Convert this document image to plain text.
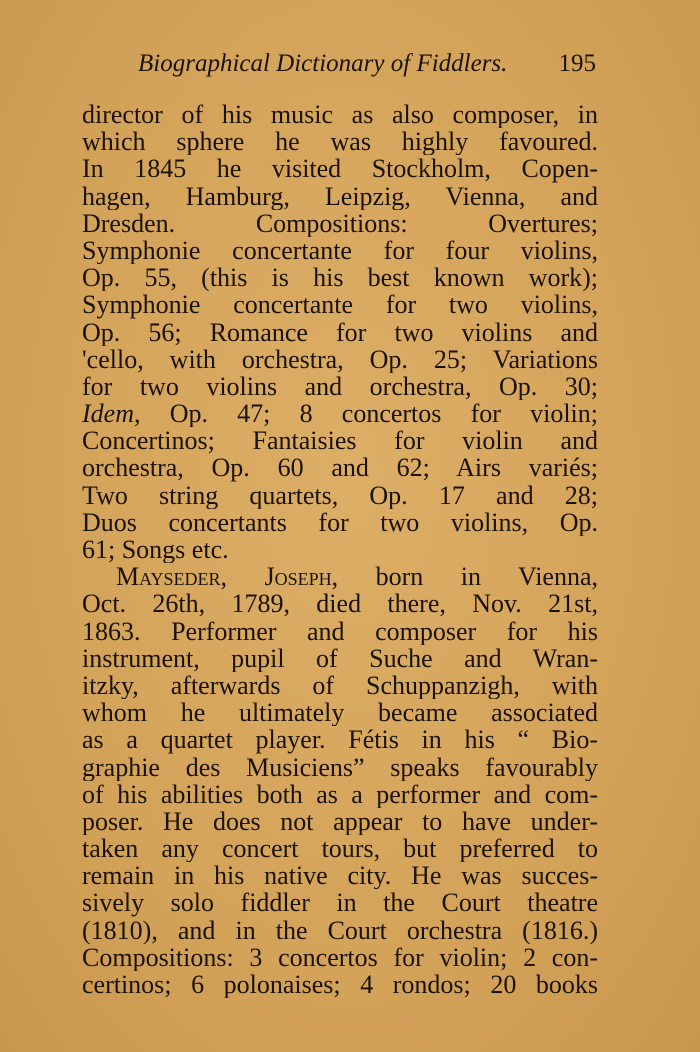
Biographical Dictionary of Fiddlers. 195
director of his music as also composer, in
which sphere he was highly favoured.
In 1845 he visited Stockholm, Copen-
hagen, Hamburg, Leipzig, Vienna, and
Dresden. Compositions: Overtures;
Symphonie concertante for four violins,
Op. 55, (this is his best known work);
Symphonie concertante for two violins,
Op. 56; Romance for two violins and
'cello, with orchestra, Op. 25; Variations
for two violins and orchestra, Op. 30;
Idem, Op. 47; 8 concertos for violin;
Concertinos; Fantaisies for violin and
orchestra, Op. 60 and 62; Airs variés;
Two string quartets, Op. 17 and 28;
Duos concertants for two violins, Op.
61; Songs etc.
Mayseder, Joseph, born in Vienna,
Oct. 26th, 1789, died there, Nov. 21st,
1863. Performer and composer for his
instrument, pupil of Suche and Wran-
itzky, afterwards of Schuppanzigh, with
whom he ultimately became associated
as a quartet player. Fétis in his “ Bio-
graphie des Musiciens” speaks favourably
of his abilities both as a performer and com-
poser. He does not appear to have under-
taken any concert tours, but preferred to
remain in his native city. He was succes-
sively solo fiddler in the Court theatre
(1810), and in the Court orchestra (1816.)
Compositions: 3 concertos for violin; 2 con-
certinos; 6 polonaises; 4 rondos; 20 books
